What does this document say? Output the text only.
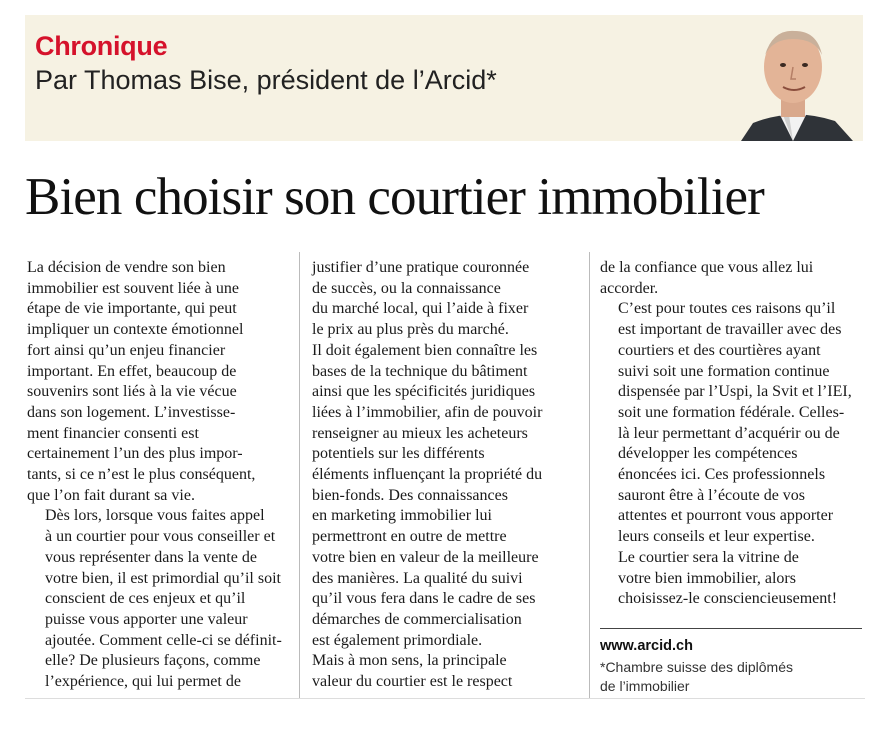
Chronique
Par Thomas Bise, président de l’Arcid*
Bien choisir son courtier immobilier

La décision de vendre son bien
immobilier est souvent liée à une
étape de vie importante, qui peut
impliquer un contexte émotionnel
fort ainsi qu’un enjeu financier
important. En effet, beaucoup de
souvenirs sont liés à la vie vécue
dans son logement. L’investisse-
ment financier consenti est
certainement l’un des plus impor-
tants, si ce n’est le plus conséquent,
que l’on fait durant sa vie.

Dès lors, lorsque vous faites appel
à un courtier pour vous conseiller et
vous représenter dans la vente de
votre bien, il est primordial qu’il soit
conscient de ces enjeux et qu’il
puisse vous apporter une valeur
ajoutée. Comment celle-ci se définit-
elle? De plusieurs façons, comme
l’expérience, qui lui permet de

justifier d’une pratique couronnée
de succès, ou la connaissance
du marché local, qui l’aide à fixer
le prix au plus près du marché.
Il doit également bien connaître les
bases de la technique du bâtiment
ainsi que les spécificités juridiques
liées à l’immobilier, afin de pouvoir
renseigner au mieux les acheteurs
potentiels sur les différents
éléments influençant la propriété du
bien-fonds. Des connaissances
en marketing immobilier lui
permettront en outre de mettre
votre bien en valeur de la meilleure
des manières. La qualité du suivi
qu’il vous fera dans le cadre de ses
démarches de commercialisation
est également primordiale.
Mais à mon sens, la principale
valeur du courtier est le respect

de la confiance que vous allez lui
accorder.

C’est pour toutes ces raisons qu’il
est important de travailler avec des
courtiers et des courtières ayant
suivi soit une formation continue
dispensée par l’Uspi, la Svit et l’IEI,
soit une formation fédérale. Celles-
là leur permettant d’acquérir ou de
développer les compétences
énoncées ici. Ces professionnels
sauront être à l’écoute de vos
attentes et pourront vous apporter
leurs conseils et leur expertise.

Le courtier sera la vitrine de
votre bien immobilier, alors
choisissez-le consciencieusement!

www.arcid.ch
*Chambre suisse des diplômés
de l’immobilier
